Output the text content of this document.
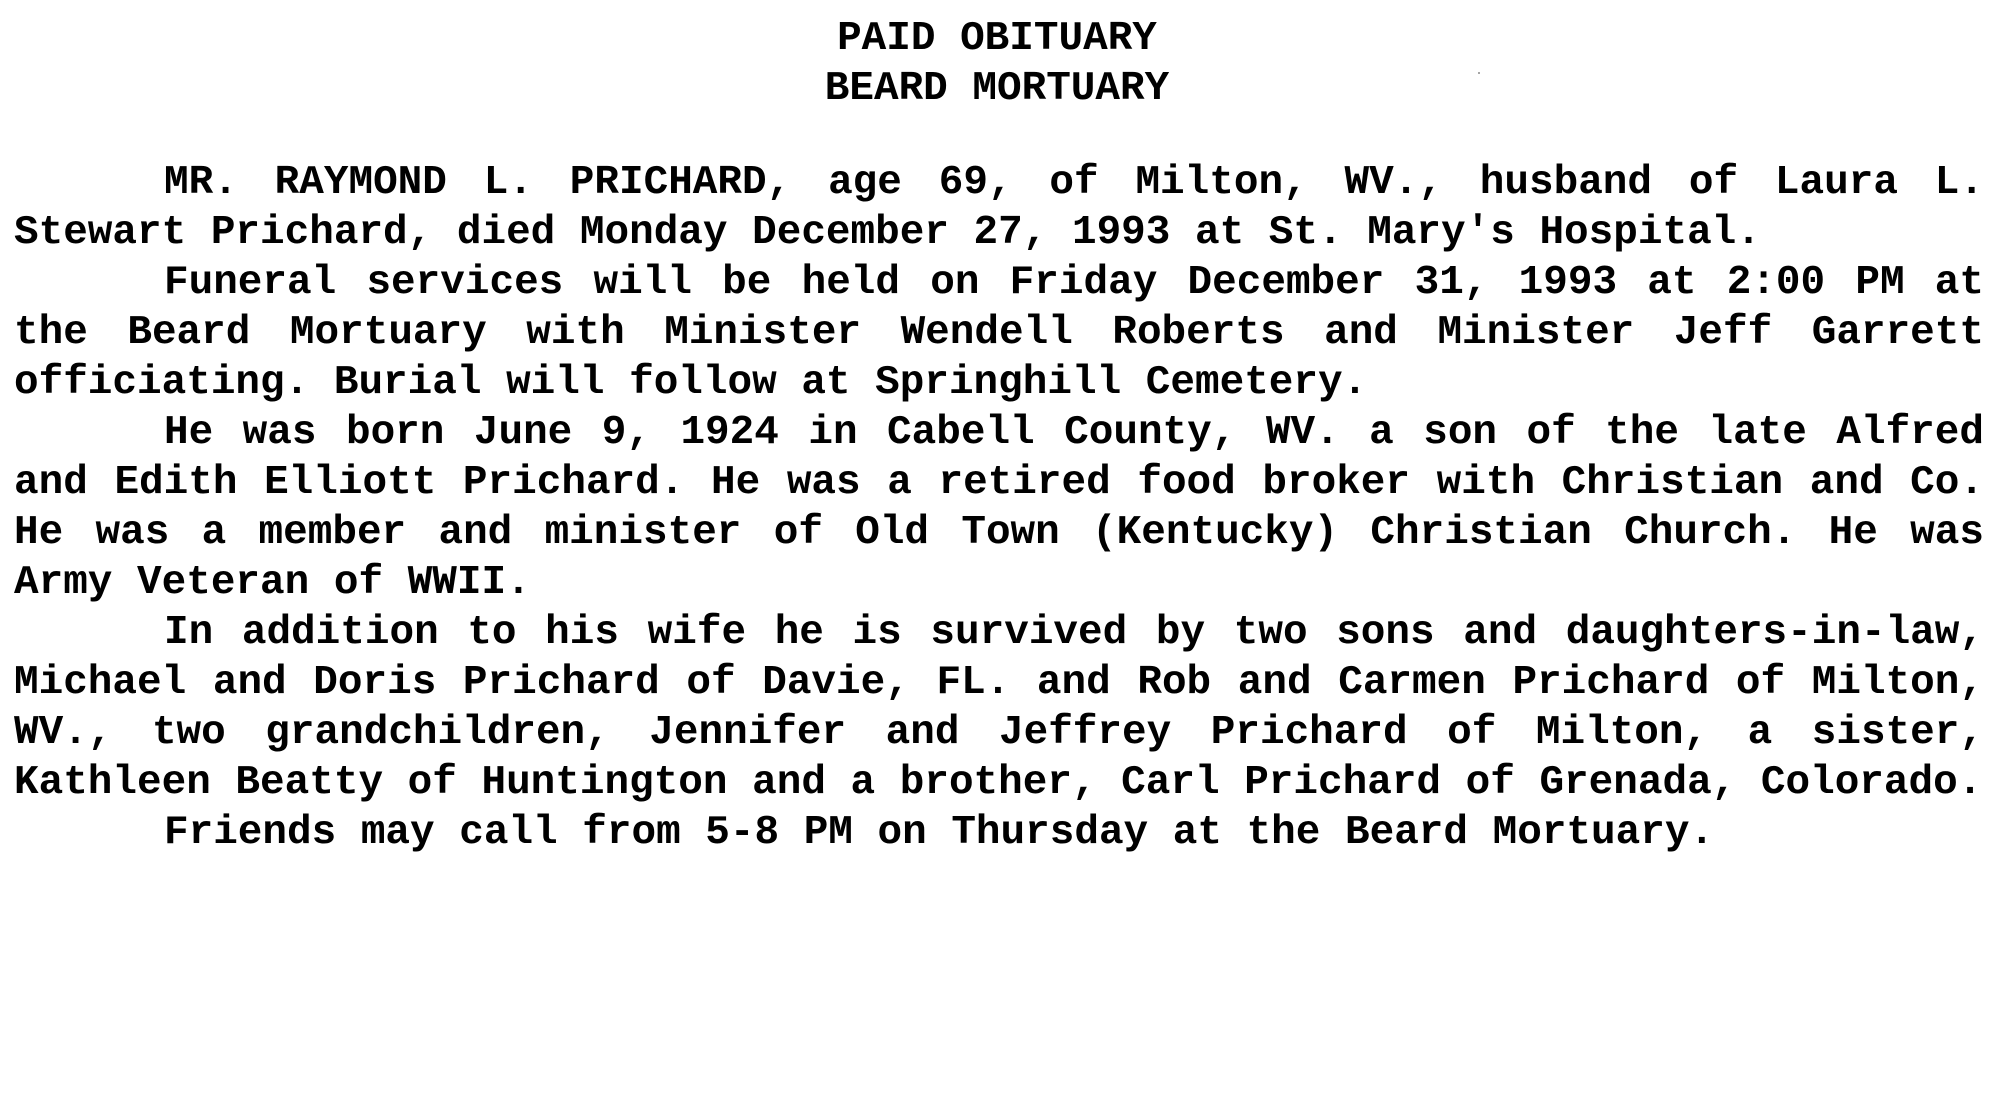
PAID OBITUARY
BEARD MORTUARY

MR. RAYMOND L. PRICHARD, age 69, of Milton, WV., husband of Laura L. Stewart Prichard, died Monday December 27, 1993 at St. Mary's Hospital.

Funeral services will be held on Friday December 31, 1993 at 2:00 PM at the Beard Mortuary with Minister Wendell Roberts and Minister Jeff Garrett officiating. Burial will follow at Springhill Cemetery.

He was born June 9, 1924 in Cabell County, WV. a son of the late Alfred and Edith Elliott Prichard. He was a retired food broker with Christian and Co. He was a member and minister of Old Town (Kentucky) Christian Church. He was Army Veteran of WWII.

In addition to his wife he is survived by two sons and daughters-in-law, Michael and Doris Prichard of Davie, FL. and Rob and Carmen Prichard of Milton, WV., two grandchildren, Jennifer and Jeffrey Prichard of Milton, a sister, Kathleen Beatty of Huntington and a brother, Carl Prichard of Grenada, Colorado.

Friends may call from 5-8 PM on Thursday at the Beard Mortuary.
